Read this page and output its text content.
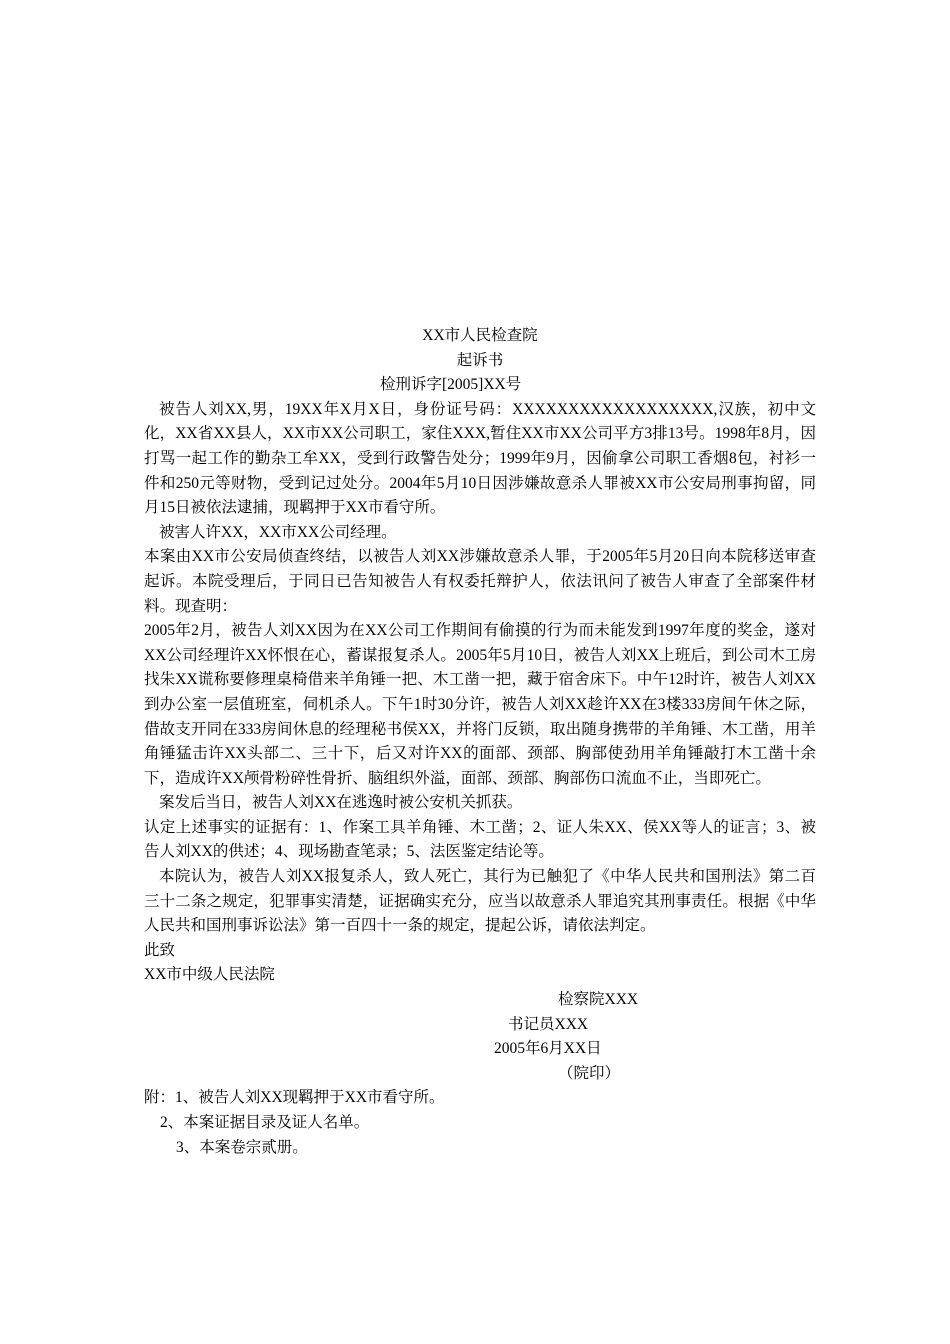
XX市人民检查院
起诉书
检刑诉字[2005]XX号
被告人刘XX,男，19XX年X月X日，身份证号码：XXXXXXXXXXXXXXXXXX,汉族，初中文化，XX省XX县人，XX市XX公司职工，家住XXX,暂住XX市XX公司平方3排13号。1998年8月，因打骂一起工作的勤杂工牟XX，受到行政警告处分；1999年9月，因偷拿公司职工香烟8包，衬衫一件和250元等财物，受到记过处分。2004年5月10日因涉嫌故意杀人罪被XX市公安局刑事拘留，同月15日被依法逮捕，现羁押于XX市看守所。
被害人许XX，XX市XX公司经理。
本案由XX市公安局侦查终结，以被告人刘XX涉嫌故意杀人罪，于2005年5月20日向本院移送审查起诉。本院受理后，于同日已告知被告人有权委托辩护人，依法讯问了被告人审查了全部案件材料。现查明：
2005年2月，被告人刘XX因为在XX公司工作期间有偷摸的行为而未能发到1997年度的奖金，遂对XX公司经理许XX怀恨在心，蓄谋报复杀人。2005年5月10日，被告人刘XX上班后，到公司木工房找朱XX谎称要修理桌椅借来羊角锤一把、木工凿一把，藏于宿舍床下。中午12时许，被告人刘XX到办公室一层值班室，伺机杀人。下午1时30分许，被告人刘XX趁许XX在3楼333房间午休之际，借故支开同在333房间休息的经理秘书侯XX，并将门反锁，取出随身携带的羊角锤、木工凿，用羊角锤猛击许XX头部二、三十下，后又对许XX的面部、颈部、胸部使劲用羊角锤敲打木工凿十余下，造成许XX颅骨粉碎性骨折、脑组织外溢，面部、颈部、胸部伤口流血不止，当即死亡。
案发后当日，被告人刘XX在逃逸时被公安机关抓获。
认定上述事实的证据有：1、作案工具羊角锤、木工凿；2、证人朱XX、侯XX等人的证言；3、被告人刘XX的供述；4、现场勘查笔录；5、法医鉴定结论等。
本院认为，被告人刘XX报复杀人，致人死亡，其行为已触犯了《中华人民共和国刑法》第二百三十二条之规定，犯罪事实清楚，证据确实充分，应当以故意杀人罪追究其刑事责任。根据《中华人民共和国刑事诉讼法》第一百四十一条的规定，提起公诉，请依法判定。
此致
XX市中级人民法院
检察院XXX
书记员XXX
2005年6月XX日
（院印）
附：1、被告人刘XX现羁押于XX市看守所。
2、本案证据目录及证人名单。
3、本案卷宗贰册。
